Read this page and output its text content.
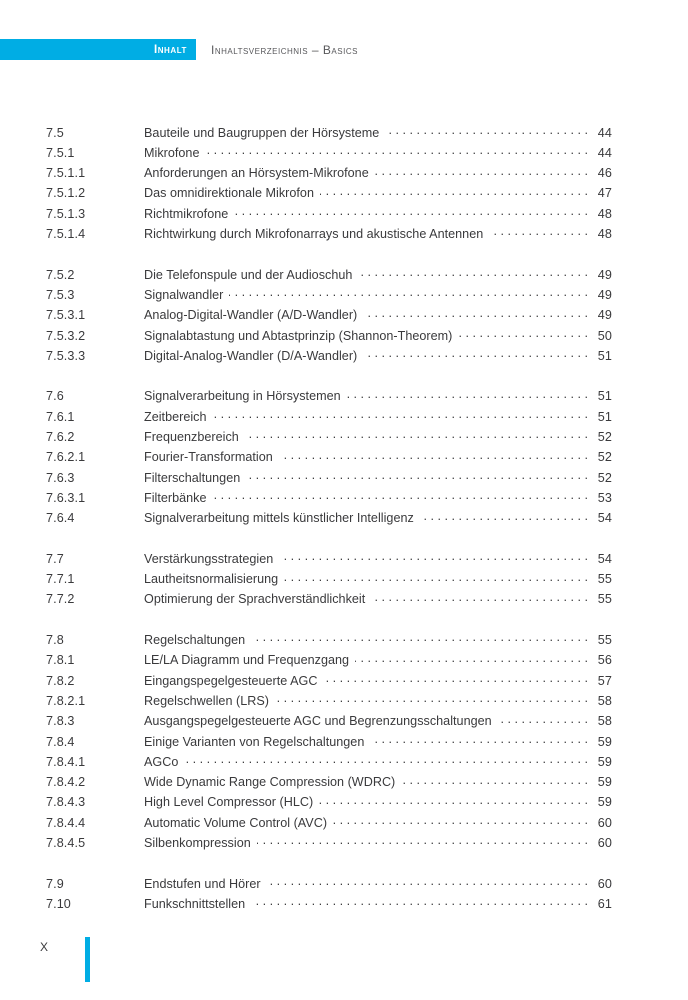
Inhalt Inhaltsverzeichnis – Basics
7.5	Bauteile und Baugruppen der Hörsysteme . . .	44
7.5.1	Mikrofone . . .	44
7.5.1.1	Anforderungen an Hörsystem-Mikrofone . . .	46
7.5.1.2	Das omnidirektionale Mikrofon . . .	47
7.5.1.3	Richtmikrofone . . .	48
7.5.1.4	Richtwirkung durch Mikrofonarrays und akustische Antennen . . .	48
7.5.2	Die Telefonspule und der Audioschuh . . .	49
7.5.3	Signalwandler . . .	49
7.5.3.1	Analog-Digital-Wandler (A/D-Wandler) . . .	49
7.5.3.2	Signalabtastung und Abtastprinzip (Shannon-Theorem) . . .	50
7.5.3.3	Digital-Analog-Wandler (D/A-Wandler) . . .	51
7.6	Signalverarbeitung in Hörsystemen . . .	51
7.6.1	Zeitbereich . . .	51
7.6.2	Frequenzbereich . . .	52
7.6.2.1	Fourier-Transformation . . .	52
7.6.3	Filterschaltungen . . .	52
7.6.3.1	Filterbänke . . .	53
7.6.4	Signalverarbeitung mittels künstlicher Intelligenz . . .	54
7.7	Verstärkungsstrategien . . .	54
7.7.1	Lautheitsnormalisierung . . .	55
7.7.2	Optimierung der Sprachverständlichkeit . . .	55
7.8	Regelschaltungen . . .	55
7.8.1	LE/LA Diagramm und Frequenzgang . . .	56
7.8.2	Eingangspegelgesteuerte AGC . . .	57
7.8.2.1	Regelschwellen (LRS) . . .	58
7.8.3	Ausgangspegelgesteuerte AGC und Begrenzungsschaltungen . . .	58
7.8.4	Einige Varianten von Regelschaltungen . . .	59
7.8.4.1	AGCo . . .	59
7.8.4.2	Wide Dynamic Range Compression (WDRC) . . .	59
7.8.4.3	High Level Compressor (HLC) . . .	59
7.8.4.4	Automatic Volume Control (AVC) . . .	60
7.8.4.5	Silbenkompression . . .	60
7.9	Endstufen und Hörer . . .	60
7.10	Funkschnittstellen . . .	61
X
